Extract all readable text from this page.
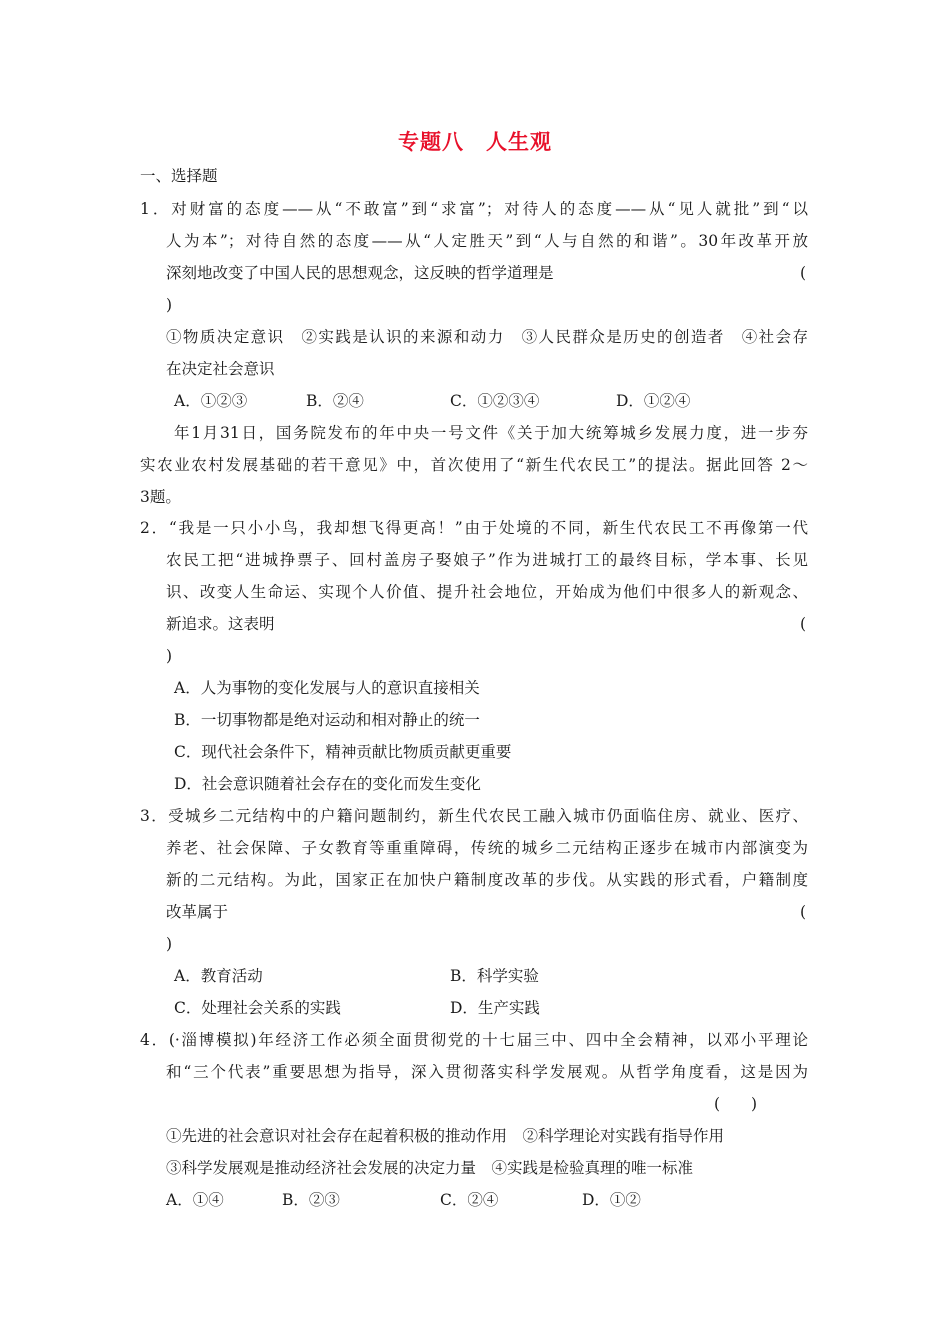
专题八　人生观
一、选择题
1．对财富的态度——从“不敢富”到“求富”；对待人的态度——从“见人就批”到“以
人为本”；对待自然的态度——从“人定胜天”到“人与自然的和谐”。30年改革开放
深刻地改变了中国人民的思想观念，这反映的哲学道理是	(
)
①物质决定意识　②实践是认识的来源和动力　③人民群众是历史的创造者　④社会存
在决定社会意识
A．①②③	B．②④	C．①②③④	D．①②④
年1月31日，国务院发布的年中央一号文件《关于加大统筹城乡发展力度，进一步夯
实农业农村发展基础的若干意见》中，首次使用了“新生代农民工”的提法。据此回答 2～
3题。
2．“我是一只小小鸟，我却想飞得更高！”由于处境的不同，新生代农民工不再像第一代
农民工把“进城挣票子、回村盖房子娶娘子”作为进城打工的最终目标，学本事、长见
识、改变人生命运、实现个人价值、提升社会地位，开始成为他们中很多人的新观念、
新追求。这表明	(
)
A．人为事物的变化发展与人的意识直接相关
B．一切事物都是绝对运动和相对静止的统一
C．现代社会条件下，精神贡献比物质贡献更重要
D．社会意识随着社会存在的变化而发生变化
3．受城乡二元结构中的户籍问题制约，新生代农民工融入城市仍面临住房、就业、医疗、
养老、社会保障、子女教育等重重障碍，传统的城乡二元结构正逐步在城市内部演变为
新的二元结构。为此，国家正在加快户籍制度改革的步伐。从实践的形式看，户籍制度
改革属于	(
)
A．教育活动	B．科学实验
C．处理社会关系的实践	D．生产实践
4．(·淄博模拟)年经济工作必须全面贯彻党的十七届三中、四中全会精神，以邓小平理论
和“三个代表”重要思想为指导，深入贯彻落实科学发展观。从哲学角度看，这是因为
(　　)
①先进的社会意识对社会存在起着积极的推动作用　②科学理论对实践有指导作用
③科学发展观是推动经济社会发展的决定力量　④实践是检验真理的唯一标准
A．①④	B．②③	C．②④	D．①②
